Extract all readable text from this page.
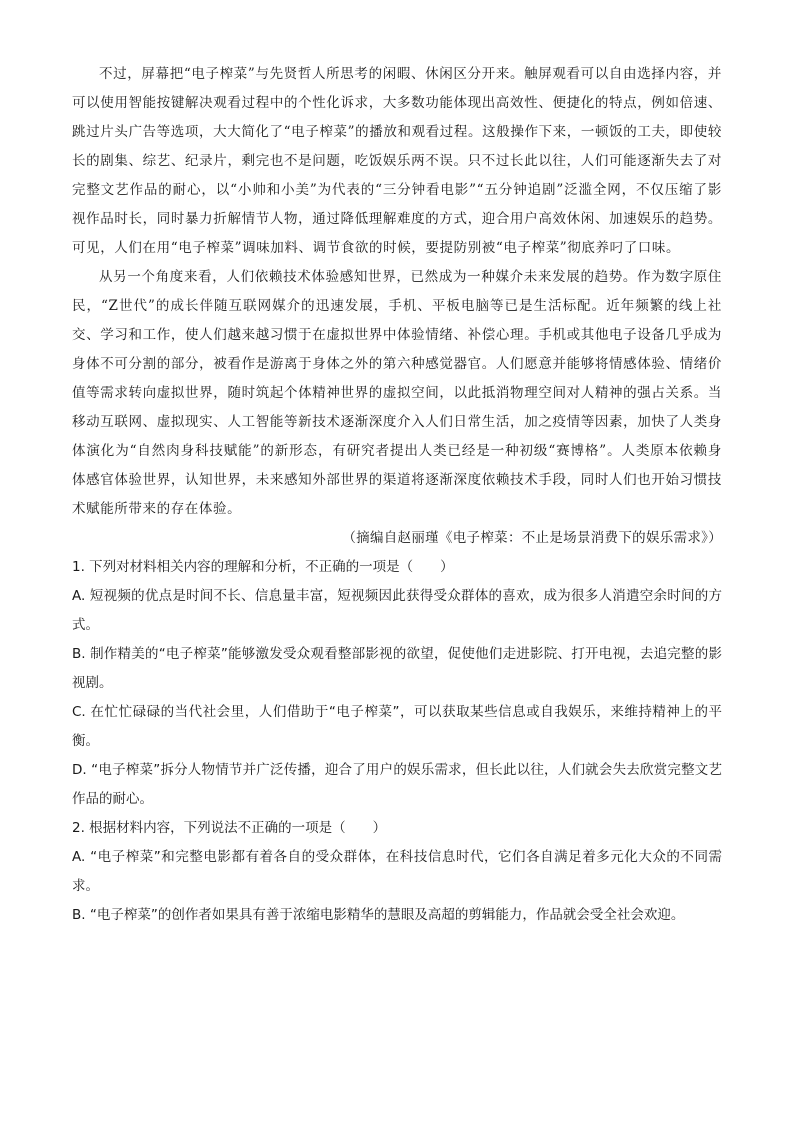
不过，屏幕把“电子榨菜”与先贤哲人所思考的闲暇、休闲区分开来。触屏观看可以自由选择内容，并可以使用智能按键解决观看过程中的个性化诉求，大多数功能体现出高效性、便捷化的特点，例如倍速、跳过片头广告等选项，大大简化了“电子榨菜”的播放和观看过程。这般操作下来，一顿饭的工夫，即使较长的剧集、综艺、纪录片，剩完也不是问题，吃饭娱乐两不误。只不过长此以往，人们可能逐渐失去了对完整文艺作品的耐心，以“小帅和小美”为代表的“三分钟看电影”“五分钟追剧”泛滥全网，不仅压缩了影视作品时长，同时暴力折解情节人物，通过降低理解难度的方式，迎合用户高效休闲、加速娱乐的趋势。可见，人们在用“电子榨菜”调味加料、调节食欲的时候，要提防别被“电子榨菜”彻底养叼了口味。

从另一个角度来看，人们依赖技术体验感知世界，已然成为一种媒介未来发展的趋势。作为数字原住民，“Z世代”的成长伴随互联网媒介的迅速发展，手机、平板电脑等已是生活标配。近年频繁的线上社交、学习和工作，使人们越来越习惯于在虚拟世界中体验情绪、补偿心理。手机或其他电子设备几乎成为身体不可分割的部分，被看作是游离于身体之外的第六种感觉器官。人们愿意并能够将情感体验、情绪价值等需求转向虚拟世界，随时筑起个体精神世界的虚拟空间，以此抵消物理空间对人精神的强占关系。当移动互联网、虚拟现实、人工智能等新技术逐渐深度介入人们日常生活，加之疫情等因素，加快了人类身体演化为“自然肉身科技赋能”的新形态，有研究者提出人类已经是一种初级“赛博格”。人类原本依赖身体感官体验世界，认知世界，未来感知外部世界的渠道将逐渐深度依赖技术手段，同时人们也开始习惯技术赋能所带来的存在体验。

（摘编自赵丽瑾《电子榨菜：不止是场景消费下的娱乐需求》）

1. 下列对材料相关内容的理解和分析，不正确的一项是（　　）

A. 短视频的优点是时间不长、信息量丰富，短视频因此获得受众群体的喜欢，成为很多人消遣空余时间的方式。

B. 制作精美的“电子榨菜”能够激发受众观看整部影视的欲望，促使他们走进影院、打开电视，去追完整的影视剧。

C. 在忙忙碌碌的当代社会里，人们借助于“电子榨菜”，可以获取某些信息或自我娱乐，来维持精神上的平衡。

D. “电子榨菜”拆分人物情节并广泛传播，迎合了用户的娱乐需求，但长此以往，人们就会失去欣赏完整文艺作品的耐心。

2. 根据材料内容，下列说法不正确的一项是（　　）

A. “电子榨菜”和完整电影都有着各自的受众群体，在科技信息时代，它们各自满足着多元化大众的不同需求。

B. “电子榨菜”的创作者如果具有善于浓缩电影精华的慧眼及高超的剪辑能力，作品就会受全社会欢迎。
